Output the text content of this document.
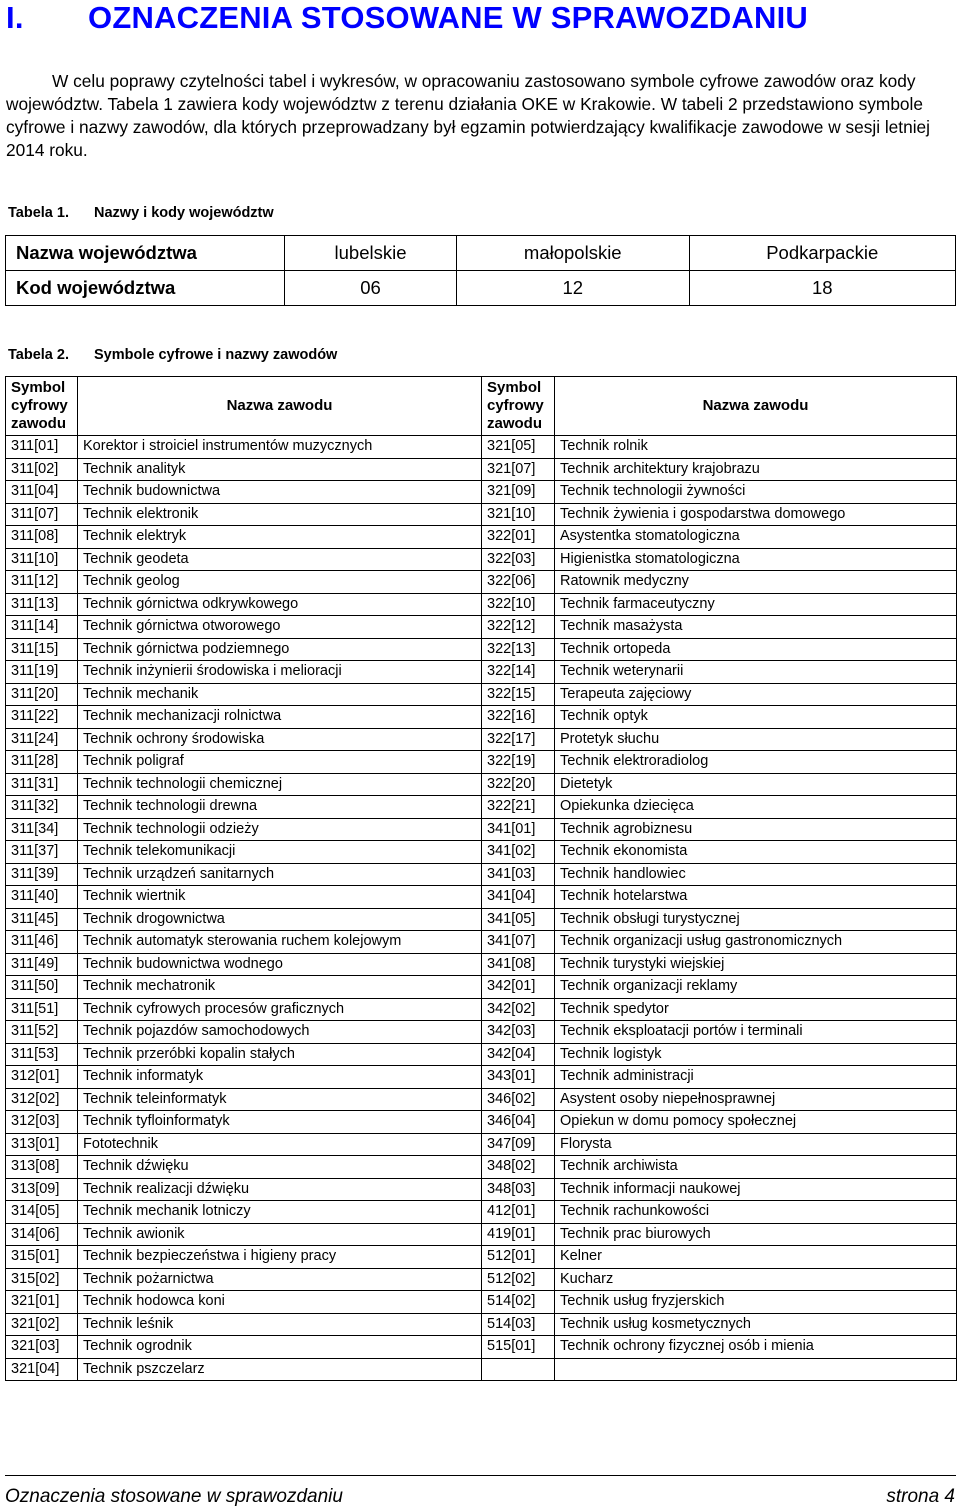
I. OZNACZENIA STOSOWANE W SPRAWOZDANIU

W celu poprawy czytelności tabel i wykresów, w opracowaniu zastosowano symbole cyfrowe zawodów oraz kody województw. Tabela 1 zawiera kody województw z terenu działania OKE w Krakowie. W tabeli 2 przedstawiono symbole cyfrowe i nazwy zawodów, dla których przeprowadzany był egzamin potwierdzający kwalifikacje zawodowe w sesji letniej 2014 roku.

Tabela 1. Nazwy i kody województw
Nazwa województwa	lubelskie	małopolskie	Podkarpackie
Kod województwa	06	12	18
Tabela 2. Symbole cyfrowe i nazwy zawodów
Symbol cyfrowy zawodu	Nazwa zawodu	Symbol cyfrowy zawodu	Nazwa zawodu
311[01]	Korektor i stroiciel instrumentów muzycznych	321[05]	Technik rolnik
311[02]	Technik analityk	321[07]	Technik architektury krajobrazu
311[04]	Technik budownictwa	321[09]	Technik technologii żywności
311[07]	Technik elektronik	321[10]	Technik żywienia i gospodarstwa domowego
311[08]	Technik elektryk	322[01]	Asystentka stomatologiczna
311[10]	Technik geodeta	322[03]	Higienistka stomatologiczna
311[12]	Technik geolog	322[06]	Ratownik medyczny
311[13]	Technik górnictwa odkrywkowego	322[10]	Technik farmaceutyczny
311[14]	Technik górnictwa otworowego	322[12]	Technik masażysta
311[15]	Technik górnictwa podziemnego	322[13]	Technik ortopeda
311[19]	Technik inżynierii środowiska i melioracji	322[14]	Technik weterynarii
311[20]	Technik mechanik	322[15]	Terapeuta zajęciowy
311[22]	Technik mechanizacji rolnictwa	322[16]	Technik optyk
311[24]	Technik ochrony środowiska	322[17]	Protetyk słuchu
311[28]	Technik poligraf	322[19]	Technik elektroradiolog
311[31]	Technik technologii chemicznej	322[20]	Dietetyk
311[32]	Technik technologii drewna	322[21]	Opiekunka dziecięca
311[34]	Technik technologii odzieży	341[01]	Technik agrobiznesu
311[37]	Technik telekomunikacji	341[02]	Technik ekonomista
311[39]	Technik urządzeń sanitarnych	341[03]	Technik handlowiec
311[40]	Technik wiertnik	341[04]	Technik hotelarstwa
311[45]	Technik drogownictwa	341[05]	Technik obsługi turystycznej
311[46]	Technik automatyk sterowania ruchem kolejowym	341[07]	Technik organizacji usług gastronomicznych
311[49]	Technik budownictwa wodnego	341[08]	Technik turystyki wiejskiej
311[50]	Technik mechatronik	342[01]	Technik organizacji reklamy
311[51]	Technik cyfrowych procesów graficznych	342[02]	Technik spedytor
311[52]	Technik pojazdów samochodowych	342[03]	Technik eksploatacji portów i terminali
311[53]	Technik przeróbki kopalin stałych	342[04]	Technik logistyk
312[01]	Technik informatyk	343[01]	Technik administracji
312[02]	Technik teleinformatyk	346[02]	Asystent osoby niepełnosprawnej
312[03]	Technik tyfloinformatyk	346[04]	Opiekun w domu pomocy społecznej
313[01]	Fototechnik	347[09]	Florysta
313[08]	Technik dźwięku	348[02]	Technik archiwista
313[09]	Technik realizacji dźwięku	348[03]	Technik informacji naukowej
314[05]	Technik mechanik lotniczy	412[01]	Technik rachunkowości
314[06]	Technik awionik	419[01]	Technik prac biurowych
315[01]	Technik bezpieczeństwa i higieny pracy	512[01]	Kelner
315[02]	Technik pożarnictwa	512[02]	Kucharz
321[01]	Technik hodowca koni	514[02]	Technik usług fryzjerskich
321[02]	Technik leśnik	514[03]	Technik usług kosmetycznych
321[03]	Technik ogrodnik	515[01]	Technik ochrony fizycznej osób i mienia
321[04]	Technik pszczelarz		
Oznaczenia stosowane w sprawozdaniu	strona 4
